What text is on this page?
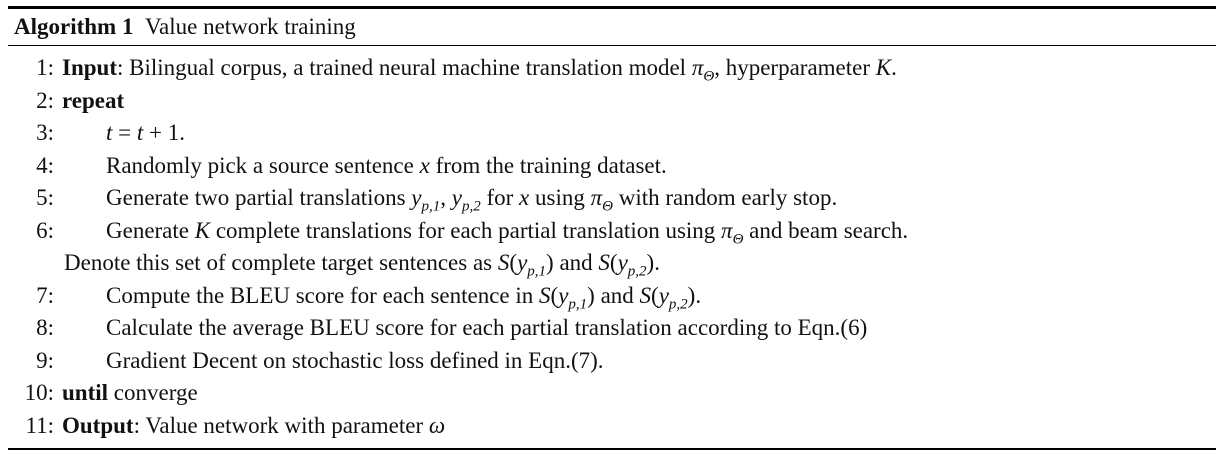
Algorithm 1 Value network training
1: Input: Bilingual corpus, a trained neural machine translation model $\pi_\Theta$, hyperparameter K.
2: repeat
3: t = t + 1.
4: Randomly pick a source sentence x from the training dataset.
5: Generate two partial translations $y_{p,1}$, $y_{p,2}$ for x using $\pi_\Theta$ with random early stop.
6: Generate K complete translations for each partial translation using $\pi_\Theta$ and beam search.
Denote this set of complete target sentences as $S(y_{p,1})$ and $S(y_{p,2})$.
7: Compute the BLEU score for each sentence in $S(y_{p,1})$ and $S(y_{p,2})$.
8: Calculate the average BLEU score for each partial translation according to Eqn.(6)
9: Gradient Decent on stochastic loss defined in Eqn.(7).
10: until converge
11: Output: Value network with parameter ω
